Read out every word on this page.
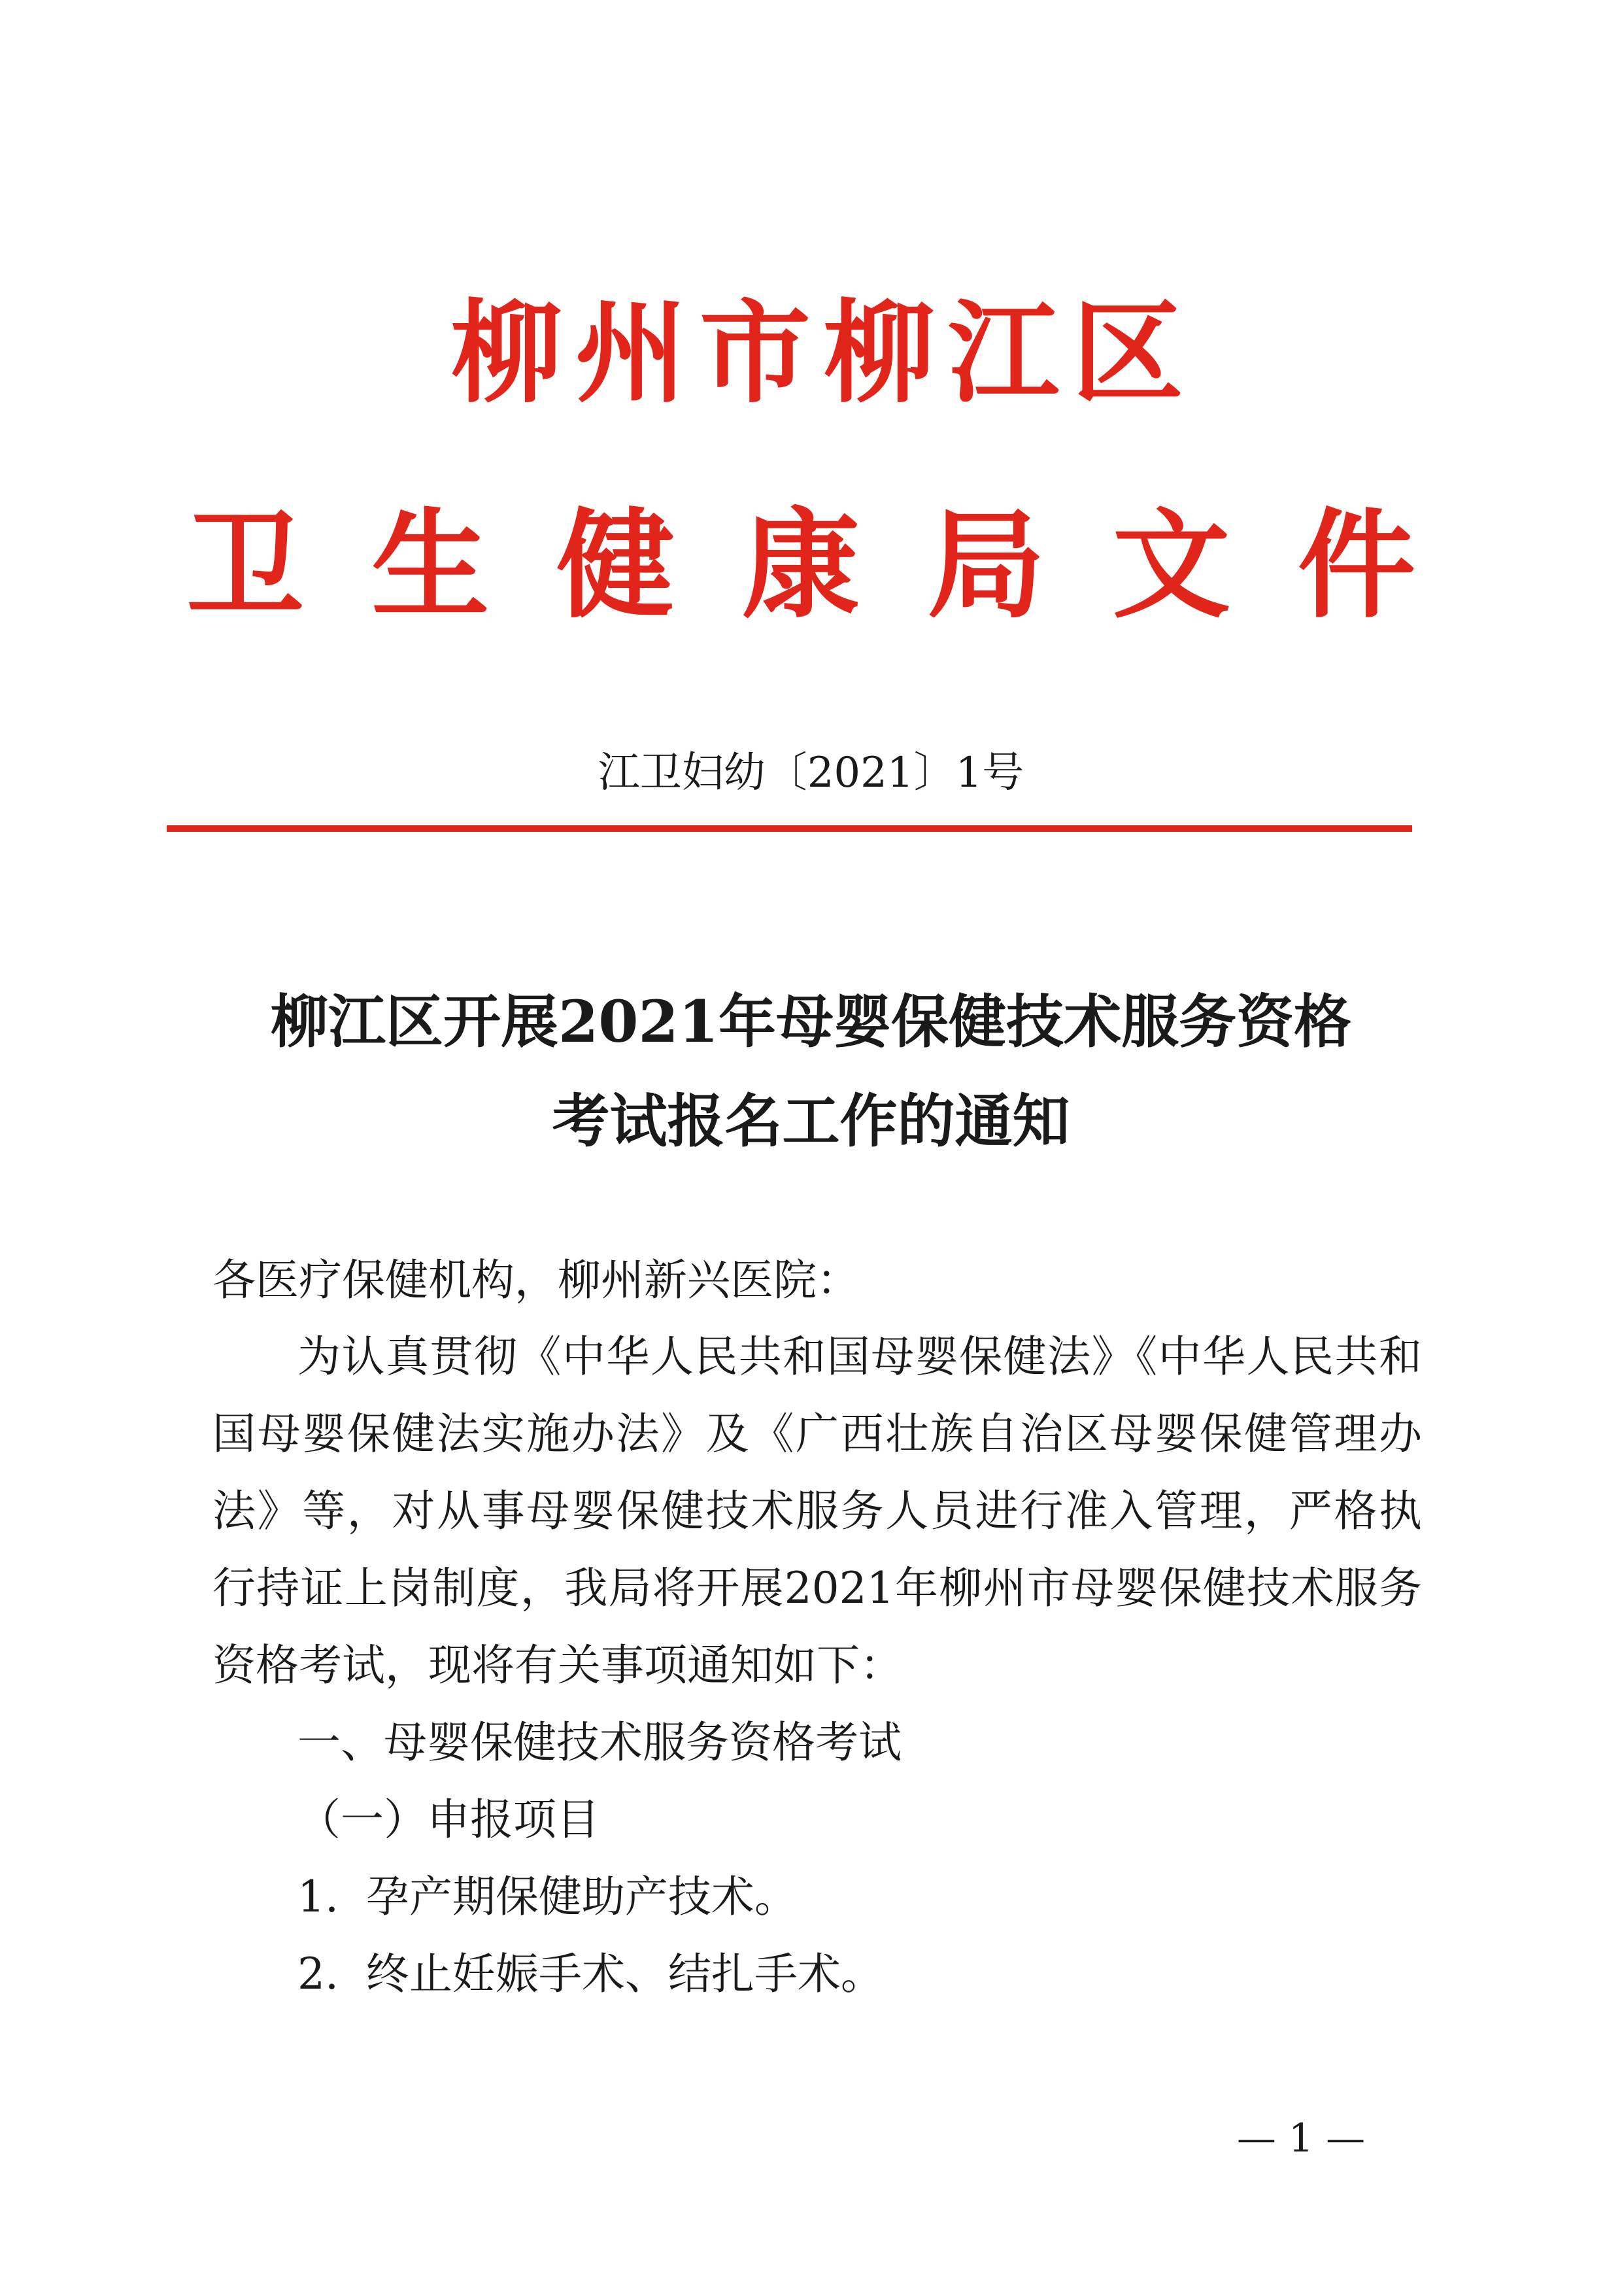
柳 州 市 柳 江 区
卫 生 健 康 局 文 件
江卫妇幼〔2021〕1号
柳江区开展2021年母婴保健技术服务资格
考试报名工作的通知
各医疗保健机构，柳州新兴医院：
为认真贯彻《中华人民共和国母婴保健法》《中华人民共和
国母婴保健法实施办法》及《广西壮族自治区母婴保健管理办
法》等，对从事母婴保健技术服务人员进行准入管理，严格执
行持证上岗制度，我局将开展2021年柳州市母婴保健技术服务
资格考试，现将有关事项通知如下：
一、母婴保健技术服务资格考试
（一）申报项目
1.  孕产期保健助产技术。
2.  终止妊娠手术、结扎手术。
— 1 —
